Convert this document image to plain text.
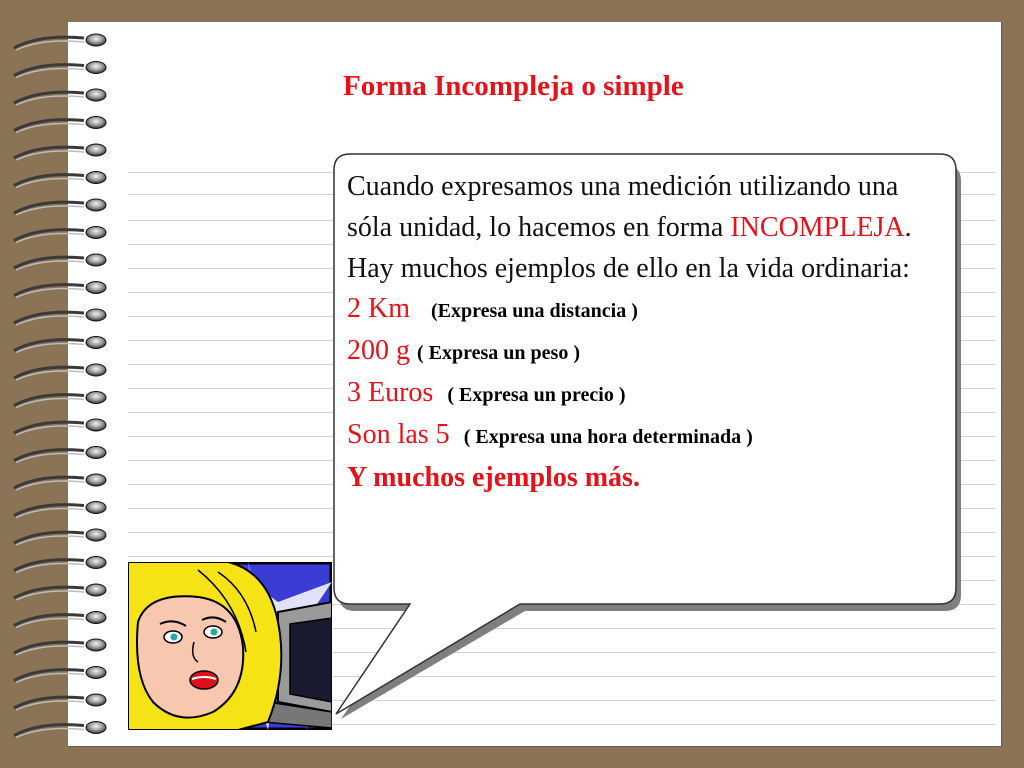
Forma Incompleja o simple

Cuando expresamos una medición utilizando una sóla unidad, lo hacemos en forma INCOMPLEJA. Hay muchos ejemplos de ello en la vida ordinaria:

2 Km (Expresa una distancia )
200 g ( Expresa un peso )
3 Euros ( Expresa un precio )
Son las 5 ( Expresa una hora determinada )
Y muchos ejemplos más.
